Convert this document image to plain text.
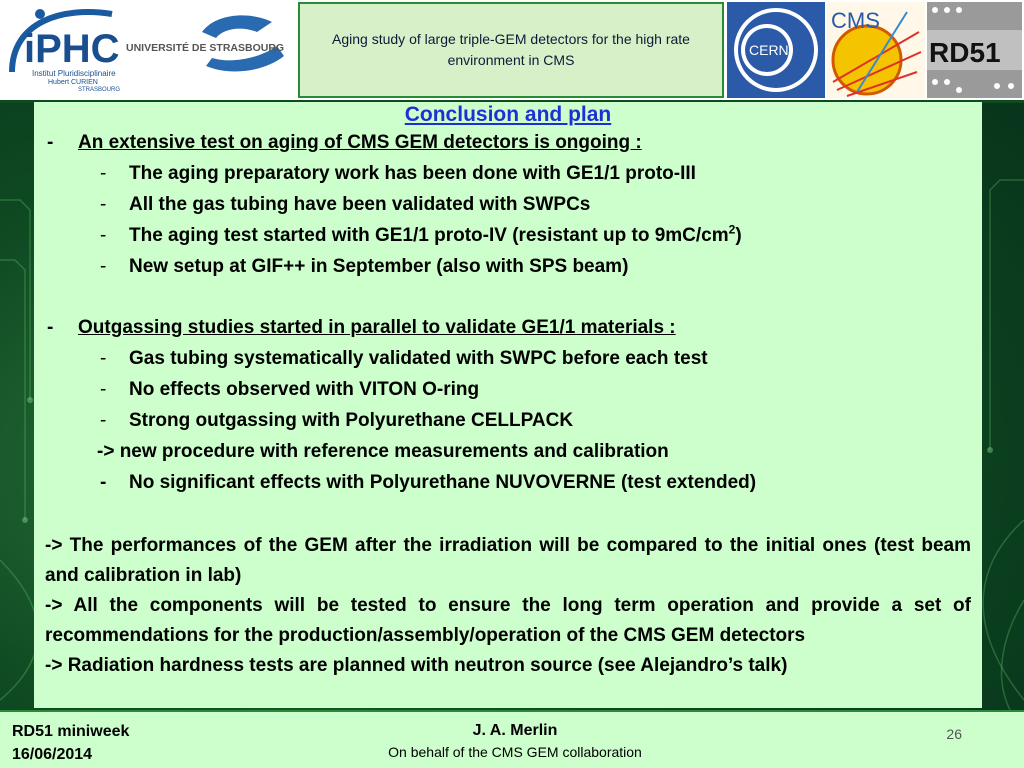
iPHC
Institut Pluridisciplinaire
Hubert CURIEN
STRASBOURG
UNIVERSITÉ DE STRASBOURG
Aging study of large triple-GEM detectors for the high rate environment in CMS
CERN
CMS
RD51
Conclusion and plan
- An extensive test on aging of CMS GEM detectors is ongoing :
- The aging preparatory work has been done with GE1/1 proto-III
- All the gas tubing have been validated with SWPCs
- The aging test started with GE1/1 proto-IV (resistant up to $9mC/cm^2$)
- New setup at GIF++ in September (also with SPS beam)
- Outgassing studies started in parallel to validate GE1/1 materials :
- Gas tubing systematically validated with SWPC before each test
- No effects observed with VITON O-ring
- Strong outgassing with Polyurethane CELLPACK
-> new procedure with reference measurements and calibration
- No significant effects with Polyurethane NUVOVERNE (test extended)
-> The performances of the GEM after the irradiation will be compared to the initial ones (test beam and calibration in lab)
-> All the components will be tested to ensure the long term operation and provide a set of recommendations for the production/assembly/operation of the CMS GEM detectors
-> Radiation hardness tests are planned with neutron source (see Alejandro’s talk)
RD51 miniweek
16/06/2014
J. A. Merlin
On behalf of the CMS GEM collaboration
26
